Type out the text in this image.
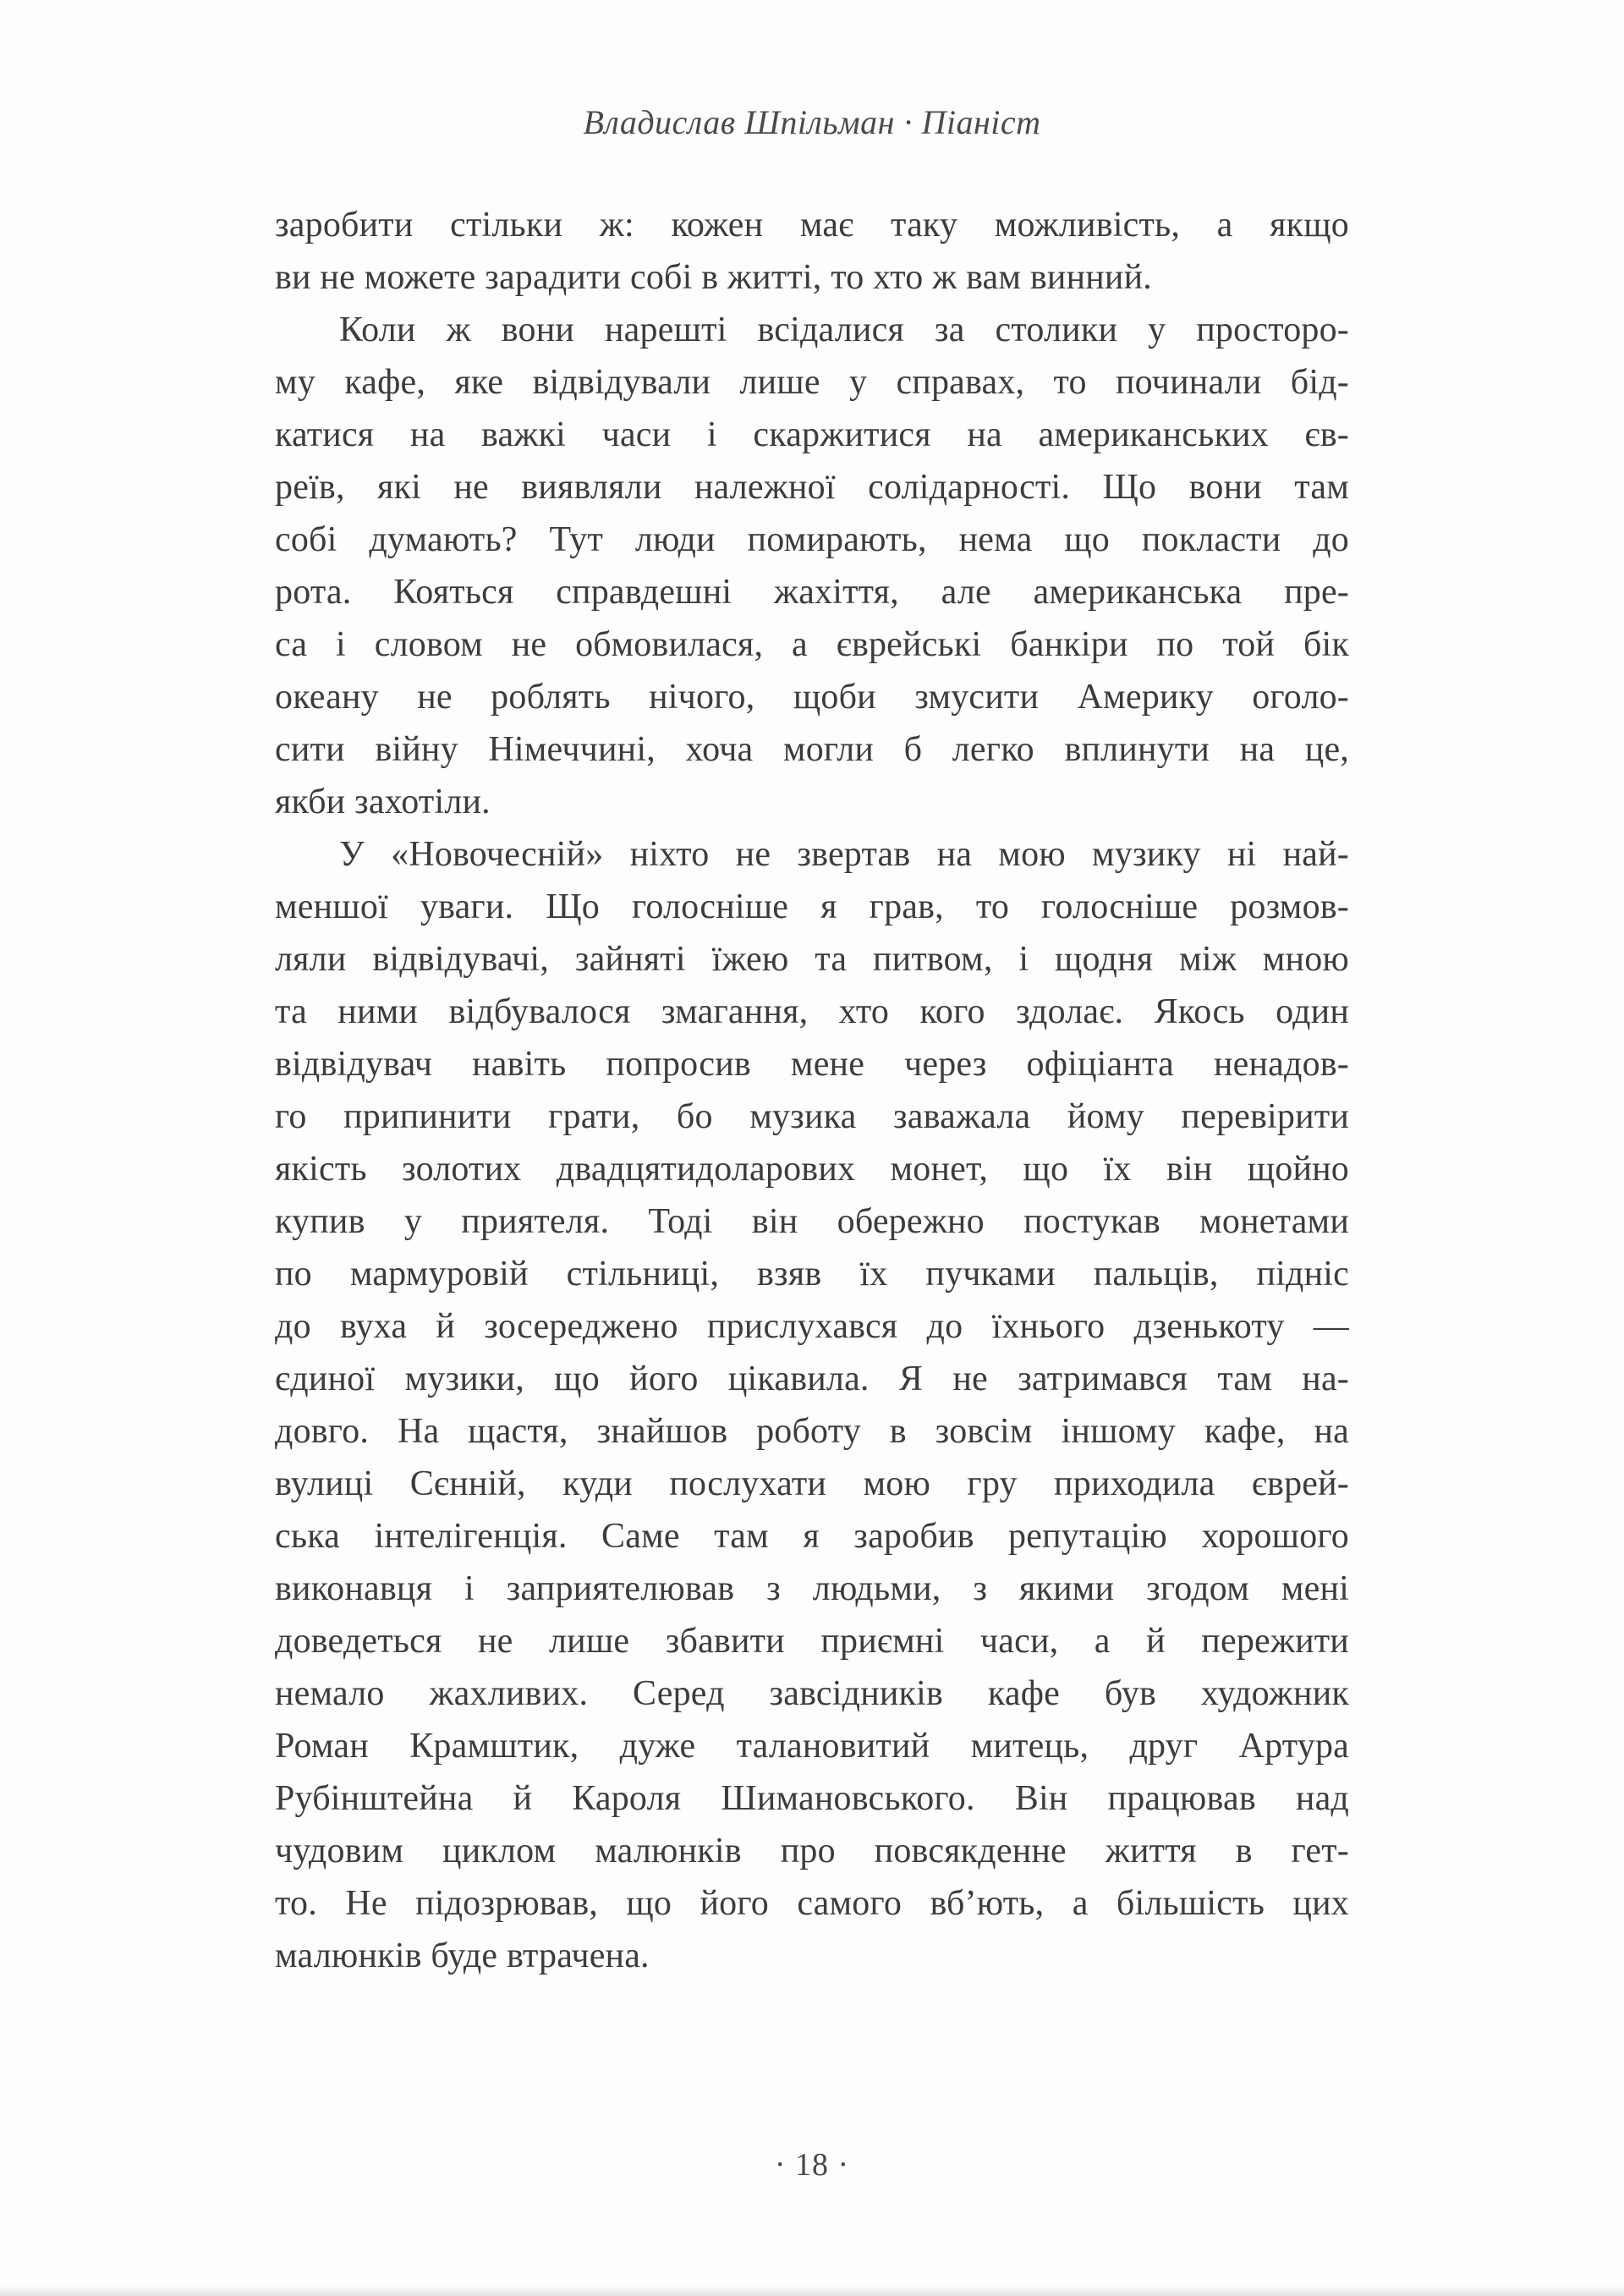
Владислав Шпільман · Піаніст
заробити стільки ж: кожен має таку можливість, а якщо
ви не можете зарадити собі в житті, то хто ж вам винний.
Коли ж вони нарешті всідалися за столики у просторо-
му кафе, яке відвідували лише у справах, то починали бід-
катися на важкі часи і скаржитися на американських єв-
реїв, які не виявляли належної солідарності. Що вони там
собі думають? Тут люди помирають, нема що покласти до
рота. Кояться справдешні жахіття, але американська пре-
са і словом не обмовилася, а єврейські банкіри по той бік
океану не роблять нічого, щоби змусити Америку оголо-
сити війну Німеччині, хоча могли б легко вплинути на це,
якби захотіли.
У «Новочесній» ніхто не звертав на мою музику ні най-
меншої уваги. Що голосніше я грав, то голосніше розмов-
ляли відвідувачі, зайняті їжею та питвом, і щодня між мною
та ними відбувалося змагання, хто кого здолає. Якось один
відвідувач навіть попросив мене через офіціанта ненадов-
го припинити грати, бо музика заважала йому перевірити
якість золотих двадцятидоларових монет, що їх він щойно
купив у приятеля. Тоді він обережно постукав монетами
по мармуровій стільниці, взяв їх пучками пальців, підніс
до вуха й зосереджено прислухався до їхнього дзенькоту —
єдиної музики, що його цікавила. Я не затримався там на-
довго. На щастя, знайшов роботу в зовсім іншому кафе, на
вулиці Сєнній, куди послухати мою гру приходила єврей-
ська інтелігенція. Саме там я заробив репутацію хорошого
виконавця і заприятелював з людьми, з якими згодом мені
доведеться не лише збавити приємні часи, а й пережити
немало жахливих. Серед завсідників кафе був художник
Роман Крамштик, дуже талановитий митець, друг Артура
Рубінштейна й Кароля Шимановського. Він працював над
чудовим циклом малюнків про повсякденне життя в гет-
то. Не підозрював, що його самого вб’ють, а більшість цих
малюнків буде втрачена.
· 18 ·
